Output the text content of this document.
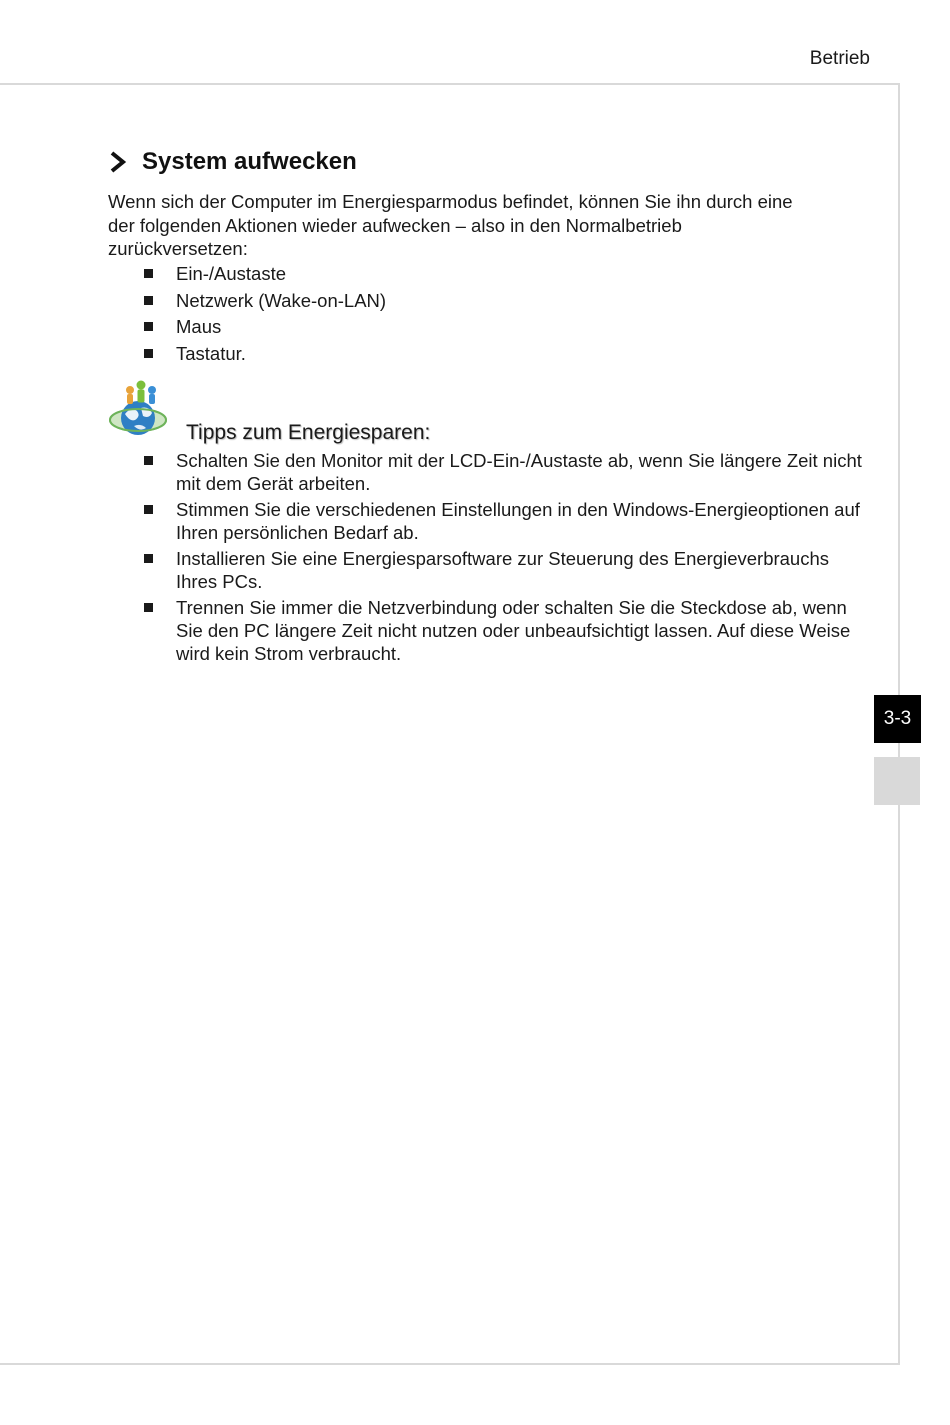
Betrieb
System aufwecken

Wenn sich der Computer im Energiesparmodus befindet, können Sie ihn durch eine der folgenden Aktionen wieder aufwecken – also in den Normalbetrieb zurückversetzen:

Ein-/Austaste
Netzwerk (Wake-on-LAN)
Maus
Tastatur.
Tipps zum Energiesparen:
Schalten Sie den Monitor mit der LCD-Ein-/Austaste ab, wenn Sie längere Zeit nicht mit dem Gerät arbeiten.
Stimmen Sie die verschiedenen Einstellungen in den Windows-Energieoptionen auf Ihren persönlichen Bedarf ab.
Installieren Sie eine Energiesparsoftware zur Steuerung des Energieverbrauchs Ihres PCs.
Trennen Sie immer die Netzverbindung oder schalten Sie die Steckdose ab, wenn Sie den PC längere Zeit nicht nutzen oder unbeaufsichtigt lassen. Auf diese Weise wird kein Strom verbraucht.
3-3
